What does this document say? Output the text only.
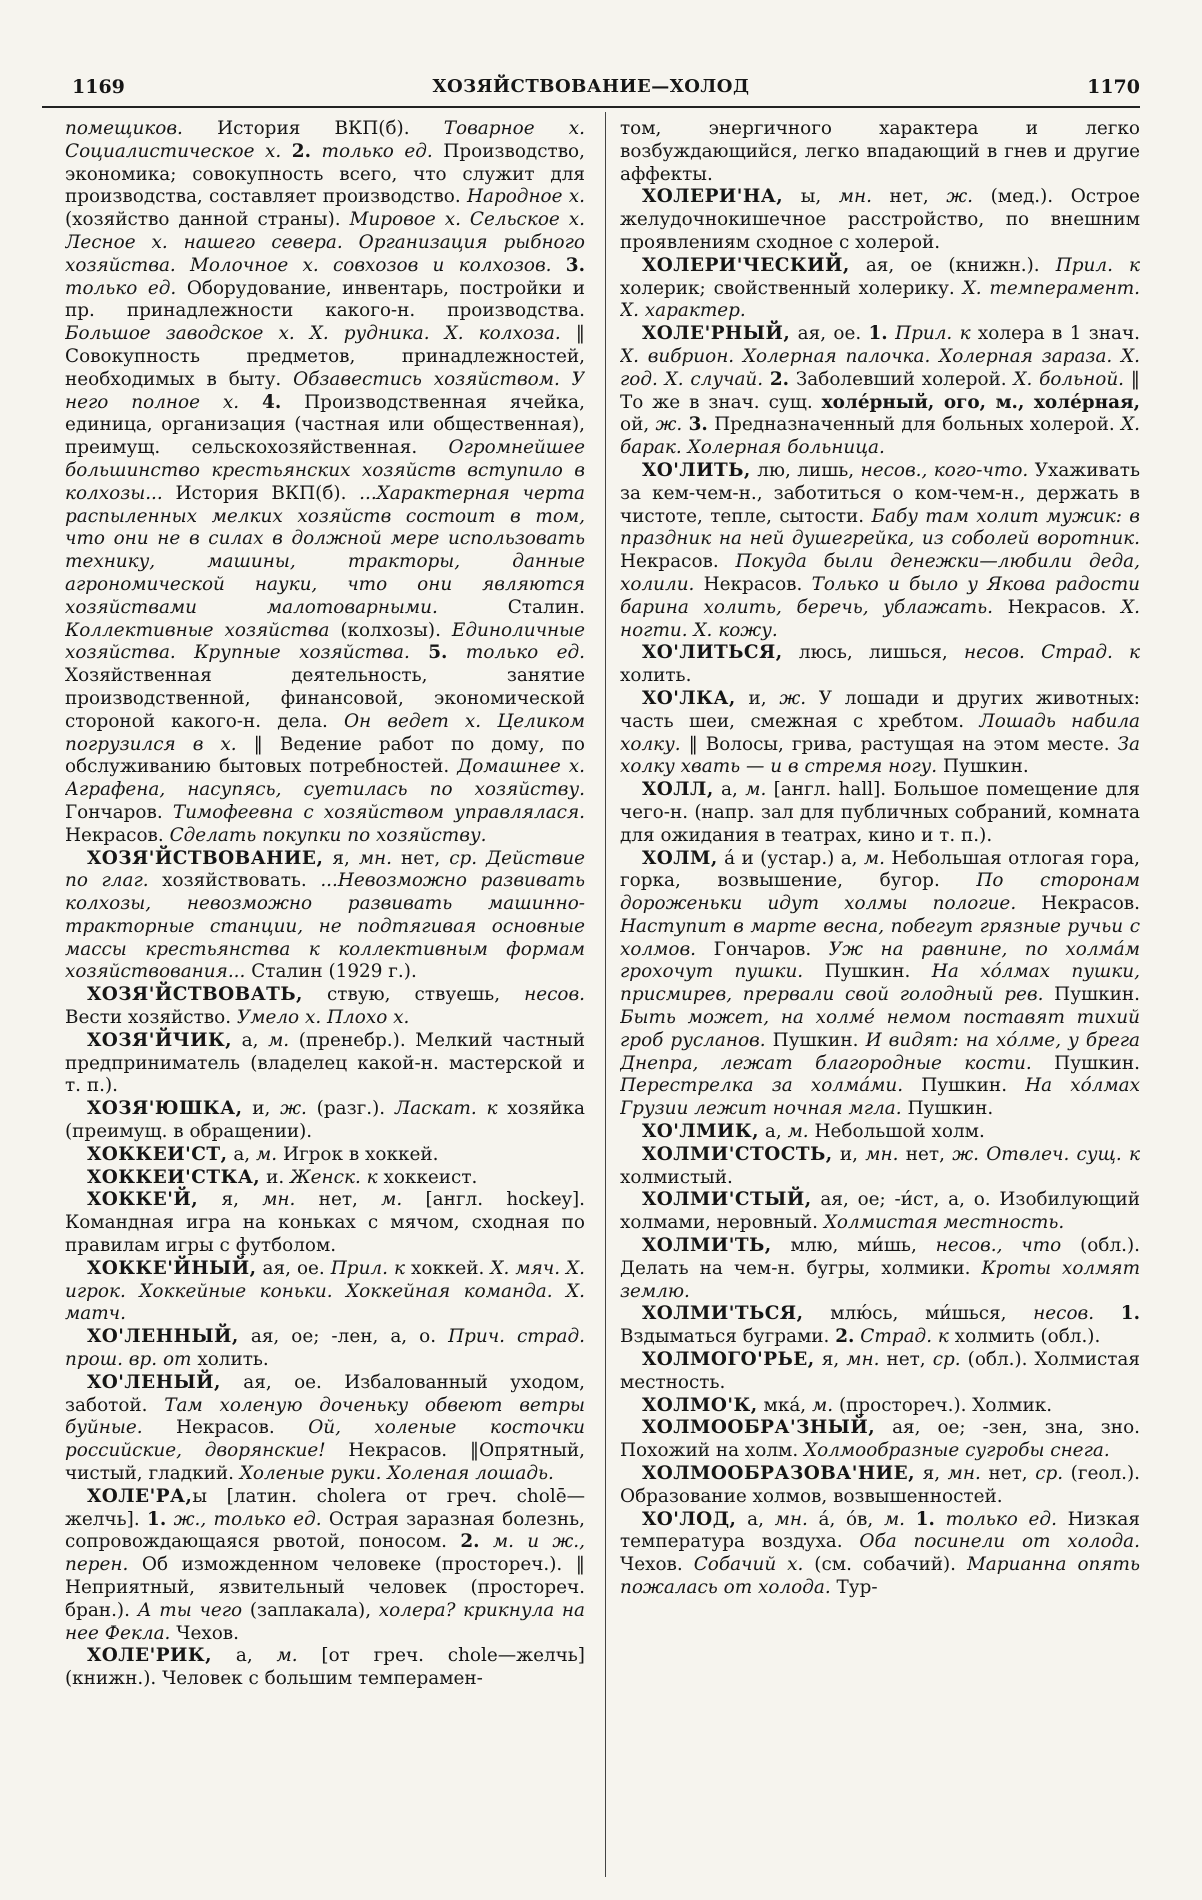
1169	ХОЗЯЙСТВОВАНИЕ—ХОЛОД	1170

помещиков. История ВКП(б). Товарное х. Социалистическое х. 2. только ед. Производство, экономика; совокупность всего, что служит для производства, составляет производство. Народное х. (хозяйство данной страны). Мировое х. Сельское х. Лесное х. нашего севера. Организация рыбного хозяйства. Молочное х. совхозов и колхозов. 3. только ед. Оборудование, инвентарь, постройки и пр. принадлежности какого-н. производства. Большое заводское х. Х. рудника. Х. колхоза. ‖ Совокупность предметов, принадлежностей, необходимых в быту. Обзавестись хозяйством. У него полное х. 4. Производственная ячейка, единица, организация (частная или общественная), преимущ. сельскохозяйственная. Огромнейшее большинство крестьянских хозяйств вступило в колхозы... История ВКП(б). ...Характерная черта распыленных мелких хозяйств состоит в том, что они не в силах в должной мере использовать технику, машины, тракторы, данные агрономической науки, что они являются хозяйствами малотоварными. Сталин. Коллективные хозяйства (колхозы). Единоличные хозяйства. Крупные хозяйства. 5. только ед. Хозяйственная деятельность, занятие производственной, финансовой, экономической стороной какого-н. дела. Он ведет х. Целиком погрузился в х. ‖ Ведение работ по дому, по обслуживанию бытовых потребностей. Домашнее х. Аграфена, насупясь, суетилась по хозяйству. Гончаров. Тимофеевна с хозяйством управлялася. Некрасов. Сделать покупки по хозяйству.

ХОЗЯ'ЙСТВОВАНИЕ, я, мн. нет, ср. Действие по глаг. хозяйствовать. ...Невозможно развивать колхозы, невозможно развивать машинно-тракторные станции, не подтягивая основные массы крестьянства к коллективным формам хозяйствования... Сталин (1929 г.).

ХОЗЯ'ЙСТВОВАТЬ, ствую, ствуешь, несов. Вести хозяйство. Умело х. Плохо х.

ХОЗЯ'ЙЧИК, а, м. (пренебр.). Мелкий частный предприниматель (владелец какой-н. мастерской и т. п.).

ХОЗЯ'ЮШКА, и, ж. (разг.). Ласкат. к хозяйка (преимущ. в обращении).

ХОККЕИ'СТ, а, м. Игрок в хоккей.

ХОККЕИ'СТКА, и. Женск. к хоккеист.

ХОККЕ'Й, я, мн. нет, м. [англ. hockey]. Командная игра на коньках с мячом, сходная по правилам игры с футболом.

ХОККЕ'ЙНЫЙ, ая, ое. Прил. к хоккей. Х. мяч. Х. игрок. Хоккейные коньки. Хоккейная команда. Х. матч.

ХО'ЛЕННЫЙ, ая, ое; -лен, а, о. Прич. страд. прош. вр. от холить.

ХО'ЛЕНЫЙ, ая, ое. Избалованный уходом, заботой. Там холеную доченьку обвеют ветры буйные. Некрасов. Ой, холеные косточки российские, дворянские! Некрасов. ‖Опрятный, чистый, гладкий. Холеные руки. Холеная лошадь.

ХОЛЕ'РА,ы [латин. cholera от греч. cholē—желчь]. 1. ж., только ед. Острая заразная болезнь, сопровождающаяся рвотой, поносом. 2. м. и ж., перен. Об изможденном человеке (простореч.). ‖ Неприятный, язвительный человек (простореч. бран.). А ты чего (заплакала), холера? крикнула на нее Фекла. Чехов.

ХОЛЕ'РИК, а, м. [от греч. chole—желчь] (книжн.). Человек с большим темперамен-

том, энергичного характера и легко возбуждающийся, легко впадающий в гнев и другие аффекты.

ХОЛЕРИ'НА, ы, мн. нет, ж. (мед.). Острое желудочнокишечное расстройство, по внешним проявлениям сходное с холерой.

ХОЛЕРИ'ЧЕСКИЙ, ая, ое (книжн.). Прил. к холерик; свойственный холерику. Х. темперамент. Х. характер.

ХОЛЕ'РНЫЙ, ая, ое. 1. Прил. к холера в 1 знач. Х. вибрион. Холерная палочка. Холерная зараза. Х. год. Х. случай. 2. Заболевший холерой. Х. больной. ‖ То же в знач. сущ. холе́рный, ого, м., холе́рная, ой, ж. 3. Предназначенный для больных холерой. Х. барак. Холерная больница.

ХО'ЛИТЬ, лю, лишь, несов., кого-что. Ухаживать за кем-чем-н., заботиться о ком-чем-н., держать в чистоте, тепле, сытости. Бабу там холит мужик: в праздник на ней душегрейка, из соболей воротник. Некрасов. Покуда были денежки—любили деда, холили. Некрасов. Только и было у Якова радости барина холить, беречь, ублажать. Некрасов. Х. ногти. Х. кожу.

ХО'ЛИТЬСЯ, люсь, лишься, несов. Страд. к холить.

ХО'ЛКА, и, ж. У лошади и других животных: часть шеи, смежная с хребтом. Лошадь набила холку. ‖ Волосы, грива, растущая на этом месте. За холку хвать — и в стремя ногу. Пушкин.

ХОЛЛ, а, м. [англ. hall]. Большое помещение для чего-н. (напр. зал для публичных собраний, комната для ожидания в театрах, кино и т. п.).

ХОЛМ, а́ и (устар.) а, м. Небольшая отлогая гора, горка, возвышение, бугор. По сторонам дороженьки идут холмы пологие. Некрасов. Наступит в марте весна, побегут грязные ручьи с холмов. Гончаров. Уж на равнине, по холма́м грохочут пушки. Пушкин. На хо́лмах пушки, присмирев, прервали свой голодный рев. Пушкин. Быть может, на холме́ немом поставят тихий гроб русланов. Пушкин. И видят: на хо́лме, у брега Днепра, лежат благородные кости. Пушкин. Перестрелка за холма́ми. Пушкин. На хо́лмах Грузии лежит ночная мгла. Пушкин.

ХО'ЛМИК, а, м. Небольшой холм.

ХОЛМИ'СТОСТЬ, и, мн. нет, ж. Отвлеч. сущ. к холмистый.

ХОЛМИ'СТЫЙ, ая, ое; -и́ст, а, о. Изобилующий холмами, неровный. Холмистая местность.

ХОЛМИ'ТЬ, млю, ми́шь, несов., что (обл.). Делать на чем-н. бугры, холмики. Кроты холмят землю.

ХОЛМИ'ТЬСЯ, млю́сь, ми́шься, несов. 1. Вздыматься буграми. 2. Страд. к холмить (обл.).

ХОЛМОГО'РЬЕ, я, мн. нет, ср. (обл.). Холмистая местность.

ХОЛМО'К, мка́, м. (простореч.). Холмик.

ХОЛМООБРА'ЗНЫЙ, ая, ое; -зен, зна, зно. Похожий на холм. Холмообразные сугробы снега.

ХОЛМООБРАЗОВА'НИЕ, я, мн. нет, ср. (геол.). Образование холмов, возвышенностей.

ХО'ЛОД, а, мн. а́, о́в, м. 1. только ед. Низкая температура воздуха. Оба посинели от холода. Чехов. Собачий х. (см. собачий). Марианна опять пожалась от холода. Тур-
